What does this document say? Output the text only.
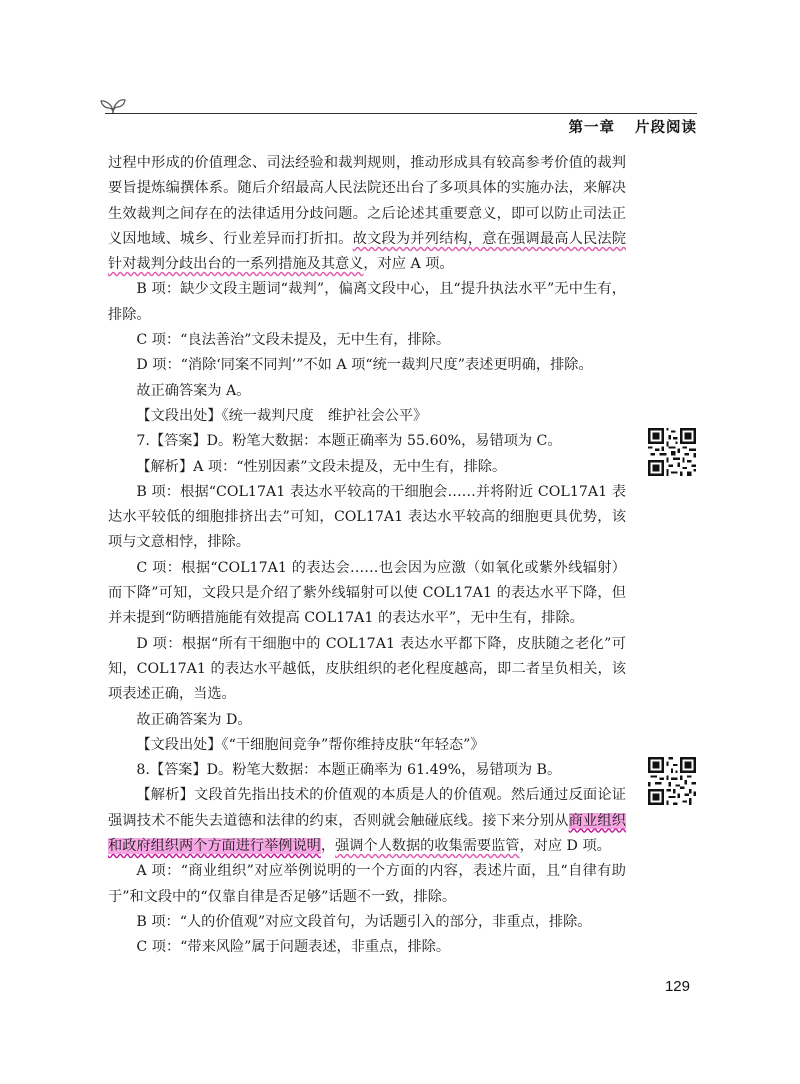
第一章 片段阅读

过程中形成的价值理念、司法经验和裁判规则，推动形成具有较高参考价值的裁判要旨提炼编撰体系。随后介绍最高人民法院还出台了多项具体的实施办法，来解决生效裁判之间存在的法律适用分歧问题。之后论述其重要意义，即可以防止司法正义因地域、城乡、行业差异而打折扣。故文段为并列结构，意在强调最高人民法院针对裁判分歧出台的一系列措施及其意义，对应 A 项。

B 项：缺少文段主题词“裁判”，偏离文段中心，且“提升执法水平”无中生有，排除。

C 项：“良法善治”文段未提及，无中生有，排除。

D 项：“消除‘同案不同判’”不如 A 项“统一裁判尺度”表述更明确，排除。

故正确答案为 A。

【文段出处】《统一裁判尺度　维护社会公平》

7.【答案】D。粉笔大数据：本题正确率为 55.60%，易错项为 C。

【解析】A 项：“性别因素”文段未提及，无中生有，排除。

B 项：根据“COL17A1 表达水平较高的干细胞会……并将附近 COL17A1 表达水平较低的细胞排挤出去”可知，COL17A1 表达水平较高的细胞更具优势，该项与文意相悖，排除。

C 项：根据“COL17A1 的表达会……也会因为应激（如氧化或紫外线辐射）而下降”可知，文段只是介绍了紫外线辐射可以使 COL17A1 的表达水平下降，但并未提到“防晒措施能有效提高 COL17A1 的表达水平”，无中生有，排除。

D 项：根据“所有干细胞中的 COL17A1 表达水平都下降，皮肤随之老化”可知，COL17A1 的表达水平越低，皮肤组织的老化程度越高，即二者呈负相关，该项表述正确，当选。

故正确答案为 D。

【文段出处】《“干细胞间竞争”帮你维持皮肤“年轻态”》

8.【答案】D。粉笔大数据：本题正确率为 61.49%，易错项为 B。

【解析】文段首先指出技术的价值观的本质是人的价值观。然后通过反面论证强调技术不能失去道德和法律的约束，否则就会触碰底线。接下来分别从商业组织和政府组织两个方面进行举例说明，强调个人数据的收集需要监管，对应 D 项。

A 项：“商业组织”对应举例说明的一个方面的内容，表述片面，且“自律有助于”和文段中的“仅靠自律是否足够”话题不一致，排除。

B 项：“人的价值观”对应文段首句，为话题引入的部分，非重点，排除。

C 项：“带来风险”属于问题表述，非重点，排除。

129
